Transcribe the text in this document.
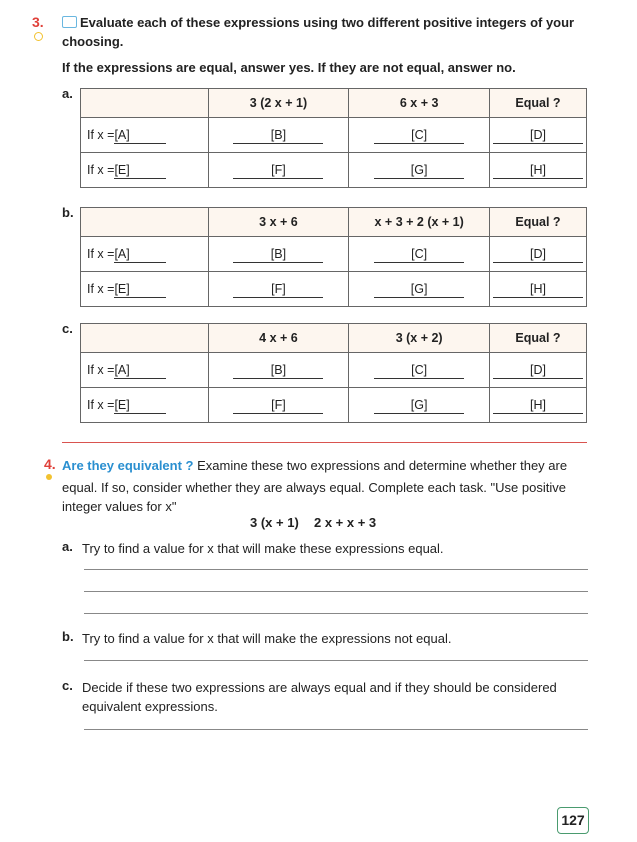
3.	Evaluate each of these expressions using two different positive integers of your
choosing.
If the expressions are equal, answer yes. If they are not equal, answer no.
a.
	3 (2 x + 1)	6 x + 3	Equal ?
If x =[A]	[B]	[C]	[D]
If x =[E]	[F]	[G]	[H]
b.
	3 x + 6	x + 3 + 2 (x + 1)	Equal ?
If x =[A]	[B]	[C]	[D]
If x =[E]	[F]	[G]	[H]
c.
	4 x + 6	3 (x + 2)	Equal ?
If x =[A]	[B]	[C]	[D]
If x =[E]	[F]	[G]	[H]
4. Are they equivalent ? Examine these two expressions and determine whether they are
equal. If so, consider whether they are always equal. Complete each task. "Use positive
integer values for x"
3 (x + 1) 2 x + x + 3
a. Try to find a value for x that will make these expressions equal.
b. Try to find a value for x that will make the expressions not equal.
c. Decide if these two expressions are always equal and if they should be considered
equivalent expressions.
127
